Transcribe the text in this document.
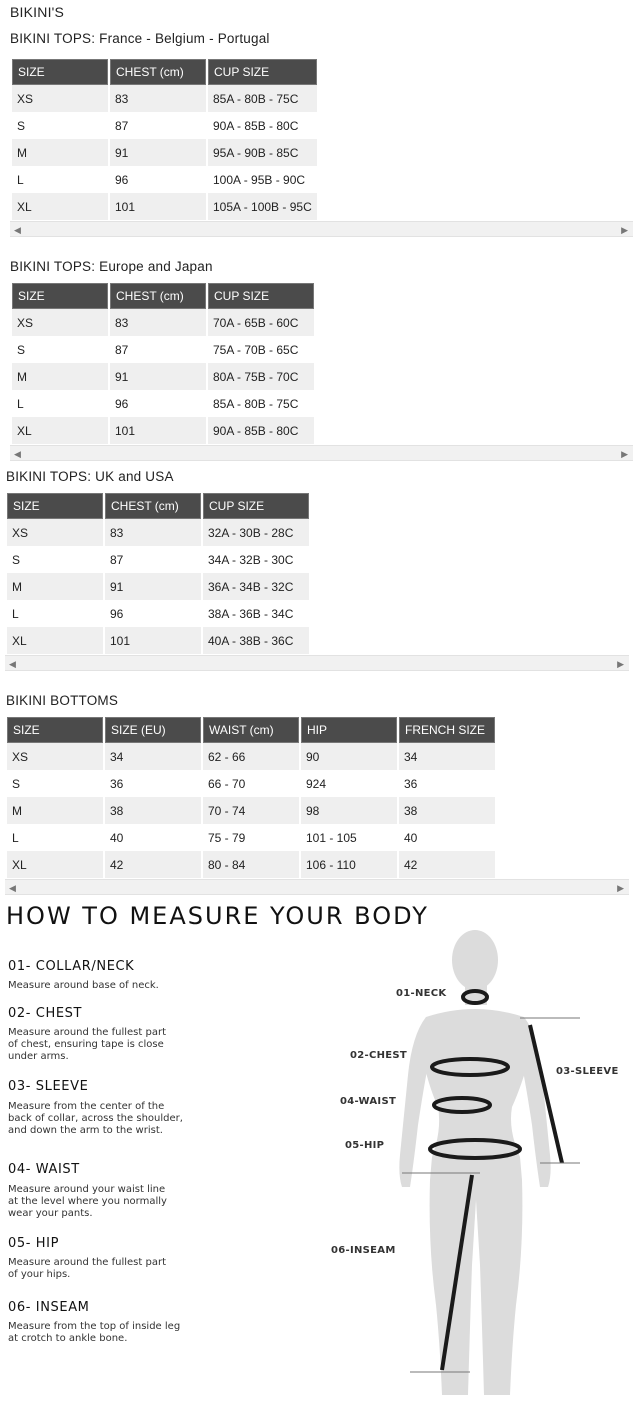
BIKINI'S
BIKINI TOPS: France - Belgium - Portugal
SIZE	CHEST (cm)	CUP SIZE
XS	83	85A - 80B - 75C
S	87	90A - 85B - 80C
M	91	95A - 90B - 85C
L	96	100A - 95B - 90C
XL	101	105A - 100B - 95C
◀	▶
BIKINI TOPS: Europe and Japan
SIZE	CHEST (cm)	CUP SIZE
XS	83	70A - 65B - 60C
S	87	75A - 70B - 65C
M	91	80A - 75B - 70C
L	96	85A - 80B - 75C
XL	101	90A - 85B - 80C
◀	▶
BIKINI TOPS: UK and USA
SIZE	CHEST (cm)	CUP SIZE
XS	83	32A - 30B - 28C
S	87	34A - 32B - 30C
M	91	36A - 34B - 32C
L	96	38A - 36B - 34C
XL	101	40A - 38B - 36C
◀	▶
BIKINI BOTTOMS
SIZE	SIZE (EU)	WAIST (cm)	HIP	FRENCH SIZE
XS	34	62 - 66	90	34
S	36	66 - 70	924	36
M	38	70 - 74	98	38
L	40	75 - 79	101 - 105	40
XL	42	80 - 84	106 - 110	42
◀	▶
HOW TO MEASURE YOUR BODY
01- COLLAR/NECK
Measure around base of neck.
02- CHEST
Measure around the fullest part of chest, ensuring tape is close under arms.
03- SLEEVE
Measure from the center of the back of collar, across the shoulder, and down the arm to the wrist.
04- WAIST
Measure around your waist line at the level where you normally wear your pants.
05- HIP
Measure around the fullest part of your hips.
06- INSEAM
Measure from the top of inside leg at crotch to ankle bone.
01-NECK
02-CHEST
03-SLEEVE
04-WAIST
05-HIP
06-INSEAM
